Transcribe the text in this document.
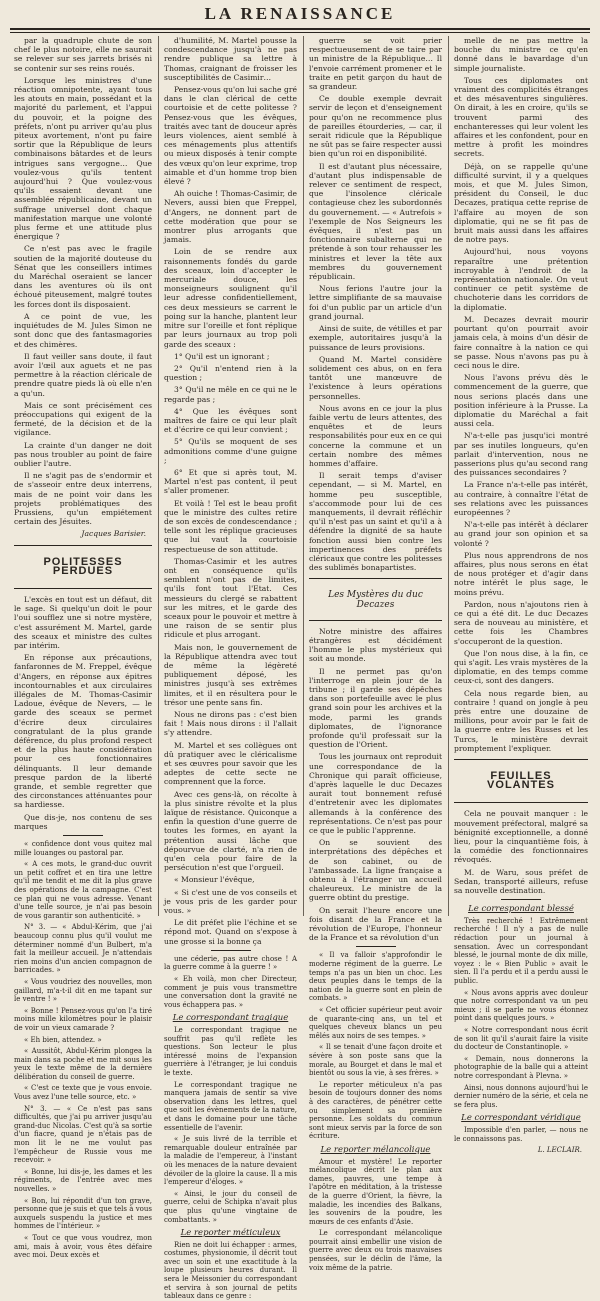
LA RENAISSANCE

par la quadruple chute de son chef le plus notoire, elle ne saurait se relever sur ses jarrets brisés ni se contenir sur ses reins roués.

Lorsque les ministres d'une réaction omnipotente, ayant tous les atouts en main, possédant et la majorité du parlement, et l'appui du pouvoir, et la poigne des préfets, n'ont pu arriver qu'au plus piteux avortement, n'ont pu faire sortir que la République de leurs combinaisons bâtardes et de leurs intrigues sans vergogne… Que voulez-vous qu'ils tentent aujourd'hui ? Que voulez-vous qu'ils essaient devant une assemblée républicaine, devant un suffrage universel dont chaque manifestation marque une volonté plus ferme et une attitude plus énergique ?

Ce n'est pas avec le fragile soutien de la majorité douteuse du Sénat que les conseillers intimes du Maréchal oseraient se lancer dans les aventures où ils ont échoué piteusement, malgré toutes les forces dont ils disposaient.

A ce point de vue, les inquiétudes de M. Jules Simon ne sont donc que des fantasmagories et des chimères.

Il faut veiller sans doute, il faut avoir l'œil aux aguets et ne pas permettre à la réaction cléricale de prendre quatre pieds là où elle n'en a qu'un.

Mais ce sont précisément ces préoccupations qui exigent de la fermeté, de la décision et de la vigilance.

La crainte d'un danger ne doit pas nous troubler au point de faire oublier l'autre.

Il ne s'agit pas de s'endormir et de s'asseoir entre deux interrens, mais de ne point voir dans les projets problématiques des Prussiens, qu'un empiétement certain des Jésuites.

Jacques Barisier.

POLITESSES PERDUES

L'excès en tout est un défaut, dit le sage. Si quelqu'un doit le pour l'oui soufflez une si notre mystère, c'est assurément M. Martel, garde des sceaux et ministre des cultes par intérim.

En réponse aux précautions, fanfaronnes de M. Freppel, évêque d'Angers, en réponse aux épitres incontournables et aux circulaires illégales de M. Thomas-Casimir Ladoue, évêque de Nevers, — le garde des sceaux se permet d'écrire deux circulaires congratulant de la plus grande déférence, du plus profond respect et de la plus haute considération pour ces fonctionnaires délinquants. Il leur demande presque pardon de la liberté grande, et semble regretter que des circonstances atténuantes pour sa hardiesse.

Que dis-je, nos contenu de ses marques

« confidence dont vous quitez mal mille louanges ou pastoral par.

« A ces mots, le grand-duc ouvrit un petit coffret et en tira une lettre qu'il me tendit et me dit la plus grave des opérations de la campagne. C'est ce plan qui ne vous adresse. Venant d'une telle source, je n'ai pas besoin de vous garantir son authenticité. »

N° 3. — « Abdul-Kérim, que j'ai beaucoup connu plus qu'il voulut me déterminer nommé d'un Bulbert, m'a fait la meilleur accueil. Je n'attendais rien moins d'un ancien compagnon de barricades. »

« Vous voudriez des nouvelles, mon gaillard, m'a-t-il dit en me tapant sur le ventre ! »

« Bonne ! Pensez-vous qu'on l'a tiré moins mille kilomètres pour le plaisir de voir un vieux camarade ?

« Eh bien, attendez. »

« Aussitôt, Abdul-Kérim plongea la main dans sa poche et me mit sous les yeux le texte même de la dernière délibération du conseil de guerre.

« C'est ce texte que je vous envoie. Vous avez l'une telle source, etc. »

N° 3. — « Ce n'est pas sans difficultés, que j'ai pu arriver jusqu'au grand-duc Nicolas. C'est qu'à sa sortie d'un fiacre, quand je n'étais pas de mon lit le ne me voulut pas l'empêcheur de Russie vous me recevoir. »

« Bonne, lui dis-je, les dames et les régiments, de l'entrée avec mes nouvelles. »

« Bon, lui répondit d'un ton grave, personne que je suis et que tels à vous auxquels suspendu la justice et mes hommes de l'intérieur. »

« Tout ce que vous voudrez, mon ami, mais à avoir, vous êtes défaire avec moi. Deux excès et

d'humilité, M. Martel pousse la condescendance jusqu'à ne pas rendre publique sa lettre à Thomas, craignant de froisser les susceptibilités de Casimir…

Pensez-vous qu'on lui sache gré dans le clan clérical de cette courtoisie et de cette politesse ? Pensez-vous que les évêques, traités avec tant de douceur après leurs violences, aient semblé à ces ménagements plus attentifs ou mieux disposés à tenir compte des vœux qu'on leur exprime, trop aimable et d'un homme trop bien élevé ?

Ah ouiche ! Thomas-Casimir, de Nevers, aussi bien que Freppel, d'Angers, ne donnent part de cette modération que pour se montrer plus arrogants que jamais.

Loin de se rendre aux raisonnements fondés du garde des sceaux, loin d'accepter le mercuriale douce, les monseigneurs soulignent qu'il leur adresse confidentiellement, ces deux messieurs se carrent le poing sur la hanche, plantent leur mitre sur l'oreille et font réplique par leurs journaux au trop poli garde des sceaux :

1° Qu'il est un ignorant ;

2° Qu'il n'entend rien à la question ;

3° Qu'il ne mêle en ce qui ne le regarde pas ;

4° Que les évêques sont maîtres de faire ce qui leur plaît et d'écrire ce qui leur convient ;

5° Qu'ils se moquent de ses admonitions comme d'une guigne ;

6° Et que si après tout, M. Martel n'est pas content, il peut s'aller promener.

Et voilà ! Tel est le beau profit que le ministre des cultes retire de son excès de condescendance ; telle sont les réplique gracieuses que lui vaut la courtoisie respectueuse de son attitude.

Thomas-Casimir et les autres ont en conséquence qu'ils semblent n'ont pas de limites, qu'ils font tout l'Etat. Ces messieurs du clergé se rabattent sur les mitres, et le garde des sceaux pour le pouvoir et mettre à une raison de se sentir plus ridicule et plus arrogant.

Mais non, le gouvernement de la République attendra avec tout de même la légèreté publiquement déposé, les ministres jusqu'à ses extrêmes limites, et il en résultera pour le trésor une pente sans fin.

Nous ne dirons pas : c'est bien fait ! Mais nous dirons : il l'allait s'y attendre.

M. Martel et ses collègues ont dû pratiquer avec le cléricalisme et ses œuvres pour savoir que les adeptes de cette secte ne comprennent que la force.

Avec ces gens-là, on récolte à la plus sinistre révolte et la plus laïque de résistance. Quiconque a enfin la question d'une guerre de toutes les formes, en ayant la prétention aussi lâche que dépourvue de clarté, n'a rien de qu'en cela pour faire de la persécution n'est que l'orgueil.

« Monsieur l'évêque,

« Si c'est une de vos conseils et je vous pris de les garder pour vous. »

Le dit préfet plie l'échine et se répond mot. Quand on s'expose à une grosse si la bonne ça

une céderie, pas autre chose ! A la guerre comme à la guerre ! »

« Eh voilà, mon cher Directeur, comment je puis vous transmettre une conversation dont la gravité ne vous échappera pas. »

Le correspondant tragique

Le correspondant tragique ne souffrit pas qu'il reflète les questions. Son lecteur le plus intéressé moins de l'expansion guerrière à l'étranger, je lui conduis le texte.

Le correspondant tragique ne manquera jamais de sentir sa vive observation dans les lettres, quel que soit les évènements de la nature, et dans le domaine pour une tâche essentielle de l'avenir.

« Je suis livré de la terrible et remarquable douleur entraînée par la maladie de l'empereur, à l'instant où les menaces de la nature devaient dévoiler de la gloire la cause. Il a mis l'empereur d'éloges. »

« Ainsi, le jour du conseil de guerre, celui de Schipka n'avait plus que plus qu'une vingtaine de combattants. »

Le reporter méticuleux

Rien ne doit lui échapper : armes, costumes, physionomie, il décrit tout avec un soin et une exactitude à la loupe plusieurs heures durant. Il sera le Meissonier du correspondant et servira à son journal de petits tableaux dans ce genre :

guerre se voit prier respectueusement de se taire par un ministre de la République… Il l'envoie carrément promener et le traite en petit garçon du haut de sa grandeur.

Ce double exemple devrait servir de leçon et d'enseignement pour qu'on ne recommence plus de pareilles étourderies, — car, il serait ridicule que la République ne sût pas se faire respecter aussi bien qu'un roi en disponibilité.

Il est d'autant plus nécessaire, d'autant plus indispensable de relever ce sentiment de respect, que l'insolence cléricale contagieuse chez les subordonnés du gouvernement. — « Autrefois » l'exemple de Nos Seigneurs les évêques, il n'est pas un fonctionnaire subalterne qui ne prétende à son tour rehausser les ministres et lever la tête aux membres du gouvernement républicain.

Nous ferions l'autre jour la lettre simplifiante de sa mauvaise foi d'un public par un article d'un grand journal.

Ainsi de suite, de vétilles et par exemple, autoritaires jusqu'à la puissance de leurs provisions.

Quand M. Martel considère solidement ces abus, on en fera tantôt une manœuvre de l'existence à leurs opérations personnelles.

Nous avons en ce jour la plus faible vertu de leurs attentes, des enquêtes et de leurs responsabilités pour eux en ce qui concerne la commune et un certain nombre des mêmes hommes d'affaire.

Il serait temps d'aviser cependant, — si M. Martel, en homme peu susceptible, s'accommode pour lui de ces manquements, il devrait réfléchir qu'il n'est pas un saint et qu'il a à défendre la dignité de sa haute fonction aussi bien contre les impertinences des préfets cléricaux que contre les politesses des sublimés bonapartistes.

Les Mystères du duc Decazes

Notre ministre des affaires étrangères est décidément l'homme le plus mystérieux qui soit au monde.

Il ne permet pas qu'on l'interroge en plein jour de la tribune ; il garde ses dépêches dans son portefeuille avec le plus grand soin pour les archives et la mode, parmi les grands diplomates, de l'ignorance profonde qu'il professait sur la question de l'Orient.

Tous les journaux ont reproduit une correspondance de la Chronique qui paraît officieuse, d'après laquelle le duc Decazes aurait tout bonnement refusé d'entretenir avec les diplomates allemands à la conférence des représentations. Ce n'est pas pour ce que le public l'apprenne.

On se souvient des interprétations des dépêches et de son cabinet, ou de l'ambassade. La ligne française a obtenu à l'étranger un accueil chaleureux. Le ministre de la guerre obtint du prestige.

On serait l'heure encore une fois disant de la France et la révolution de l'Europe, l'honneur de la France et sa révolution d'un

« Il va falloir s'approfondir le moderne régiment de la guerre. Le temps n'a pas un bien un choc. Les deux peuples dans le temps de la nation de la guerre sont en plein de combats. »

« Cet officier supérieur peut avoir de quarante-cinq ans, un tel et quelques cheveux blancs un peu mêlés aux noirs de ses tempes. »

« Il se tenait d'une façon droite et sévère à son poste sans que la morale, au Bourget et dans le mal et bientôt ou sous la vie, à ses frères. »

Le reporter méticuleux n'a pas besoin de toujours donner des noms à des caractères, de pénétrer cette ou simplement sa première personne. Les soldats du commun sont mieux servis par la force de son écriture.

Le reporter mélancolique

Amour et mystère! Le reporter mélancolique décrit le plan aux dames, pauvres, une tempe à l'apôtre en méditation, à la tristesse de la guerre d'Orient, la fièvre, la maladie, les incendies des Balkans, les souvenirs de la poudre, les mœurs de ces enfants d'Asie.

Le correspondant mélancolique pourrait ainsi embellir une vision de guerre avec deux ou trois mauvaises pensées, sur le déclin de l'âme, la voix même de la patrie.

melle de ne pas mettre la bouche du ministre ce qu'en donné dans le bavardage d'un simple journaliste.

Tous ces diplomates ont vraiment des complicités étranges et des mésaventures singulières. On dirait, à les en croire, qu'ils se trouvent parmi des enchanteresses qui leur volent les affaires et les confondent, pour en mettre à profit les moindres secrets.

Déjà, on se rappelle qu'une difficulté survint, il y a quelques mois, et que M. Jules Simon, président du Conseil, le duc Decazes, pratiqua cette reprise de l'affaire au moyen de son diplomatie, qui ne se fit pas de bruit mais aussi dans les affaires de notre pays.

Aujourd'hui, nous voyons reparaître une prétention incroyable à l'endroit de la représentation nationale. On veut continuer ce petit système de chuchoterie dans les corridors de la diplomatie.

M. Decazes devrait mourir pourtant qu'on pourrait avoir jamais cela, à moins d'un désir de faire connaître à la nation ce qui se passe. Nous n'avons pas pu à ceci nous le dire.

Nous l'avons prévu dès le commencement de la guerre, que nous serions placés dans une position inférieure à la Prusse. La diplomatie du Maréchal a fait aussi cela.

N'a-t-elle pas jusqu'ici montré par ses inutiles longueurs, qu'en parlait d'intervention, nous ne passerions plus qu'au second rang des puissances secondaires ?

La France n'a-t-elle pas intérêt, au contraire, à connaître l'état de ses relations avec les puissances européennes ?

N'a-t-elle pas intérêt à déclarer au grand jour son opinion et sa volonté ?

Plus nous apprendrons de nos affaires, plus nous serons en état de nous protéger et d'agir dans notre intérêt le plus sage, le moins prévu.

Pardon, nous n'ajoutons rien à ce qui a été dit. Le duc Decazes sera de nouveau au ministère, et cette fois les Chambres s'occuperont de la question.

Que l'on nous dise, à la fin, ce qui s'agit. Les vrais mystères de la diplomatie, en des temps comme ceux-ci, sont des dangers.

Cela nous regarde bien, au contraire ! quand on jongle à peu près entre une douzaine de millions, pour avoir par le fait de la guerre entre les Russes et les Turcs, le ministère devrait promptement l'expliquer.

FEUILLES VOLANTES

Cela ne pouvait manquer : le mouvement préfectoral, malgré sa bénignité exceptionnelle, a donné lieu, pour la cinquantième fois, à la comédie des fonctionnaires révoqués.

M. de Waru, sous préfet de Sedan, transporté ailleurs, refuse sa nouvelle destination.

Le correspondant blessé

Très recherché ! Extrêmement recherché ! Il n'y a pas de nulle rédaction pour un journal à sensation. Avec un correspondant blessé, le journal monte de dix mille, voyez : le « Bien Public » avait le sien. Il l'a perdu et il a perdu aussi le public.

« Nous avons appris avec douleur que notre correspondant va un peu mieux ; il se parle ne vous étonnez point dans quelques jours. »

« Notre correspondant nous écrit de son lit qu'il s'aurait faire la visite du docteur de Constantinople. »

« Demain, nous donnerons la photographie de la balle qui a atteint notre correspondant à Plevna. »

Ainsi, nous donnons aujourd'hui le dernier numéro de la série, et cela ne se fera plus.

Le correspondant véridique

Impossible d'en parler, — nous ne le connaissons pas.

L. LECLAIR.
